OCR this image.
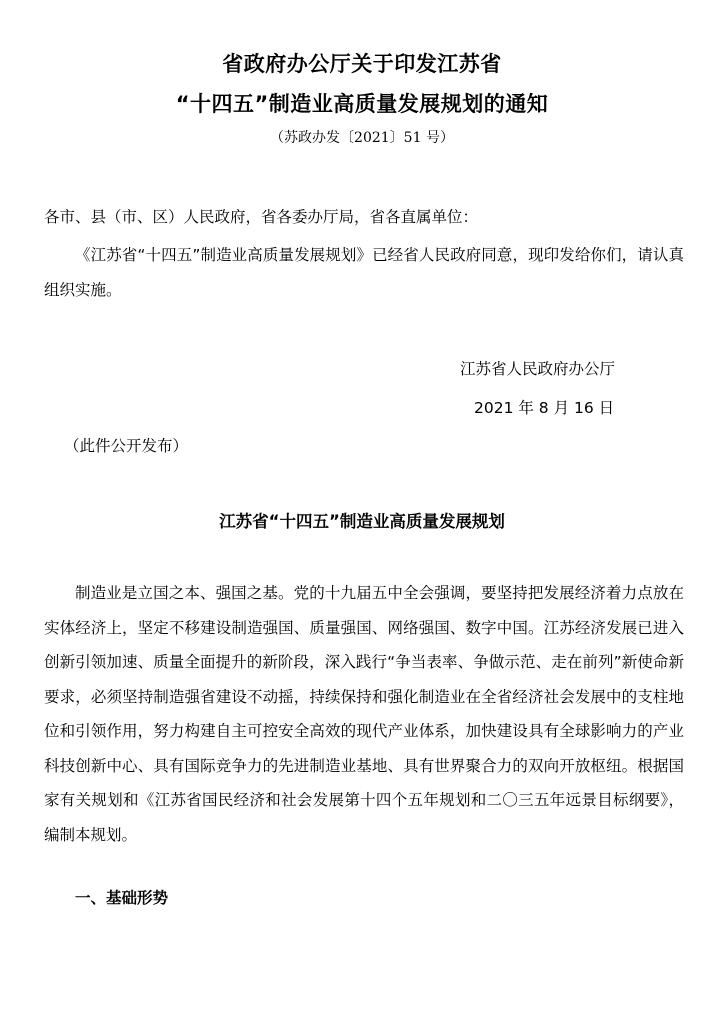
省政府办公厅关于印发江苏省
“十四五”制造业高质量发展规划的通知
（苏政办发〔2021〕51 号）
各市、县（市、区）人民政府，省各委办厅局，省各直属单位：
《江苏省“十四五”制造业高质量发展规划》已经省人民政府同意，现印发给你们，请认真组织实施。
江苏省人民政府办公厅
2021 年 8 月 16 日
（此件公开发布）
江苏省“十四五”制造业高质量发展规划
制造业是立国之本、强国之基。党的十九届五中全会强调，要坚持把发展经济着力点放在实体经济上，坚定不移建设制造强国、质量强国、网络强国、数字中国。江苏经济发展已进入创新引领加速、质量全面提升的新阶段，深入践行“争当表率、争做示范、走在前列”新使命新要求，必须坚持制造强省建设不动摇，持续保持和强化制造业在全省经济社会发展中的支柱地位和引领作用，努力构建自主可控安全高效的现代产业体系，加快建设具有全球影响力的产业科技创新中心、具有国际竞争力的先进制造业基地、具有世界聚合力的双向开放枢纽。根据国家有关规划和《江苏省国民经济和社会发展第十四个五年规划和二〇三五年远景目标纲要》，编制本规划。
一、基础形势
